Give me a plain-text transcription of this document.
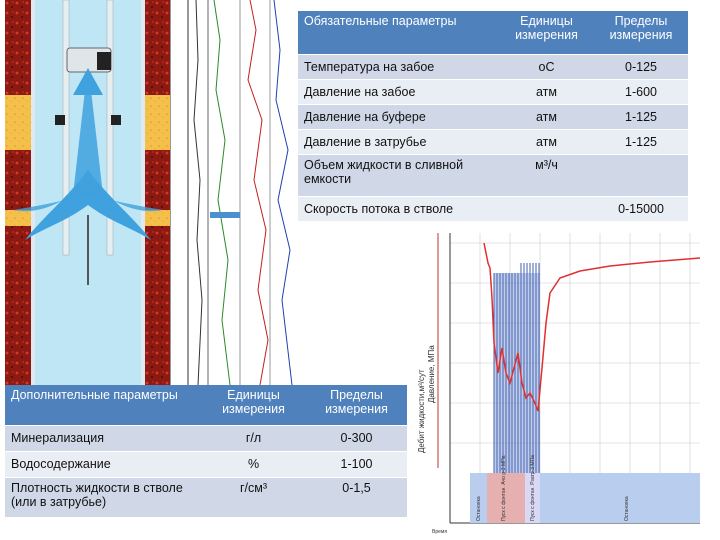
Обязательные параметры	Единицы измерения	Пределы измерения
Температура на забое	оС	0-125
Давление на забое	атм	1-600
Давление на буфере	атм	1-125
Давление в затрубье	атм	1-125
Объем жидкости в сливной емкости	м³/ч	
Скорость потока в стволе		0-15000
Дебит жидкости,м³/сут Давление, МПа
Остановка	Пуск с фонтан. Ачо р-3 МПа	Пуск с фонтан. Рзатр-3 МПа	Остановка
Время
Дополнительные параметры	Единицы измерения	Пределы измерения
Минерализация	г/л	0-300
Водосодержание	%	1-100
Плотность жидкости в стволе (или в затрубье)	г/см³	0-1,5
